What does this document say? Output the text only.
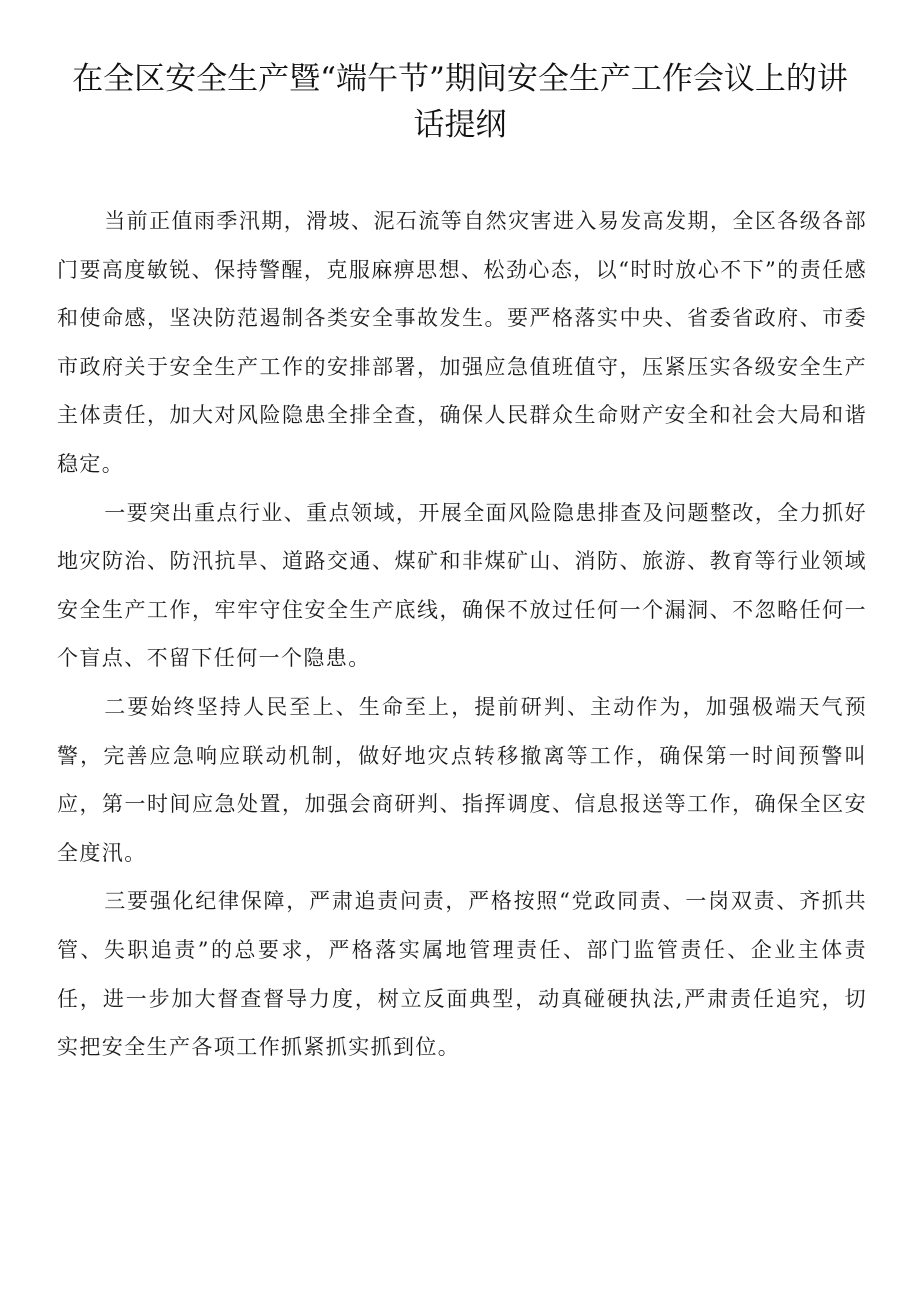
在全区安全生产暨“端午节”期间安全生产工作会议上的讲话提纲

当前正值雨季汛期，滑坡、泥石流等自然灾害进入易发高发期，全区各级各部门要高度敏锐、保持警醒，克服麻痹思想、松劲心态，以“时时放心不下”的责任感和使命感，坚决防范遏制各类安全事故发生。要严格落实中央、省委省政府、市委市政府关于安全生产工作的安排部署，加强应急值班值守，压紧压实各级安全生产主体责任，加大对风险隐患全排全查，确保人民群众生命财产安全和社会大局和谐稳定。

一要突出重点行业、重点领域，开展全面风险隐患排查及问题整改，全力抓好地灾防治、防汛抗旱、道路交通、煤矿和非煤矿山、消防、旅游、教育等行业领域安全生产工作，牢牢守住安全生产底线，确保不放过任何一个漏洞、不忽略任何一个盲点、不留下任何一个隐患。

二要始终坚持人民至上、生命至上，提前研判、主动作为，加强极端天气预警，完善应急响应联动机制，做好地灾点转移撤离等工作，确保第一时间预警叫应，第一时间应急处置，加强会商研判、指挥调度、信息报送等工作，确保全区安全度汛。

三要强化纪律保障，严肃追责问责，严格按照“党政同责、一岗双责、齐抓共管、失职追责”的总要求，严格落实属地管理责任、部门监管责任、企业主体责任，进一步加大督查督导力度，树立反面典型，动真碰硬执法,严肃责任追究，切实把安全生产各项工作抓紧抓实抓到位。
